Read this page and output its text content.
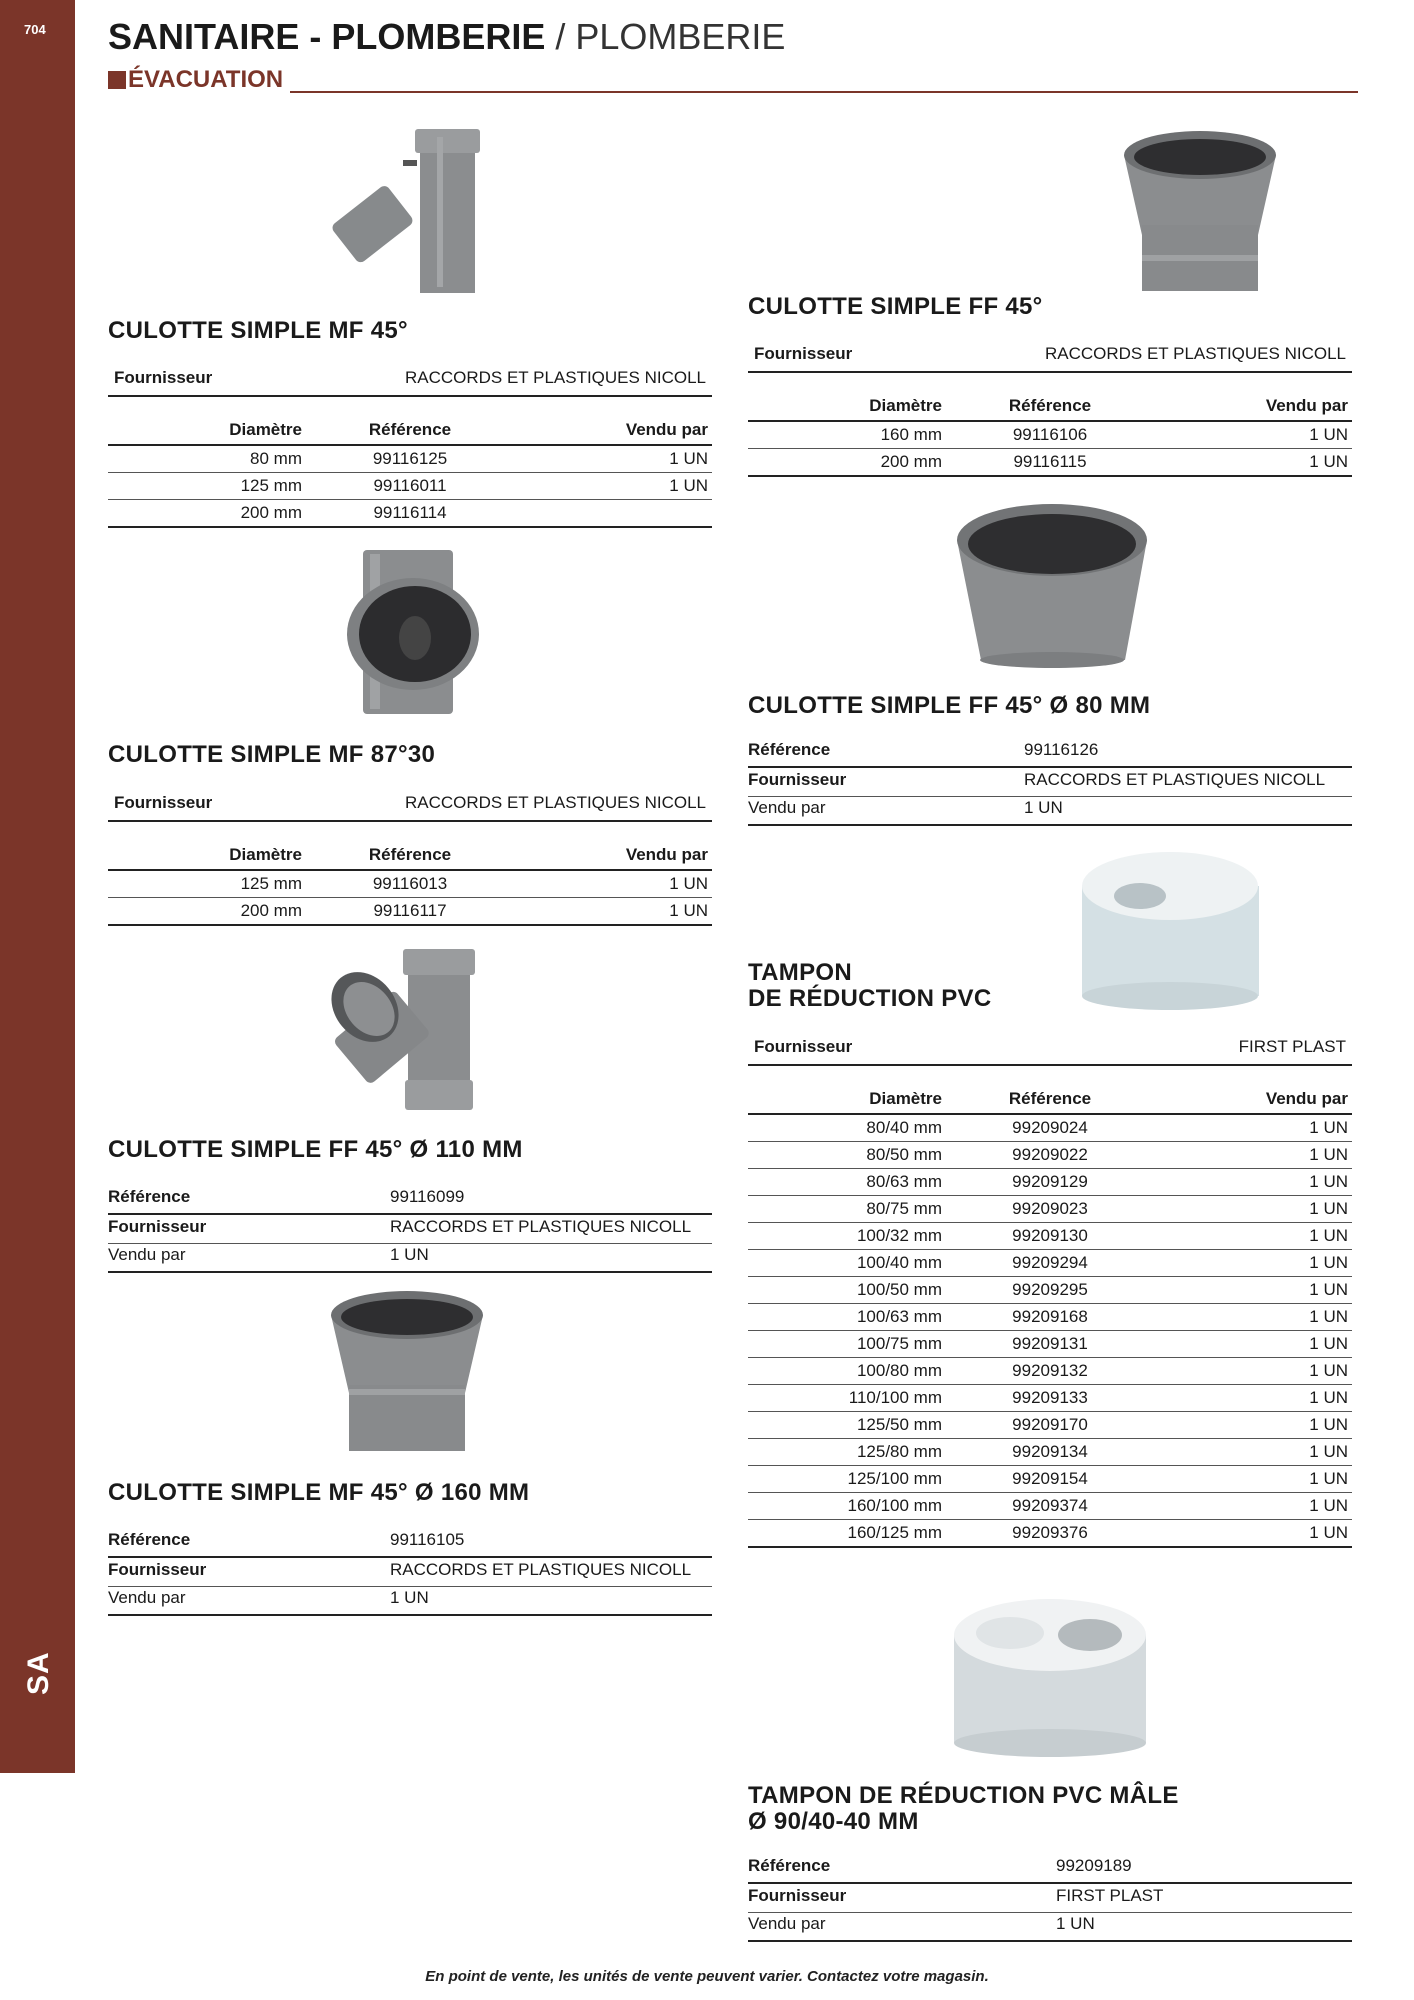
704
SA
SANITAIRE - PLOMBERIE / PLOMBERIE
ÉVACUATION
CULOTTE SIMPLE MF 45°
Fournisseur	RACCORDS ET PLASTIQUES NICOLL
Diamètre	Référence	Vendu par
80 mm	99116125	1 UN
125 mm	99116011	1 UN
200 mm	99116114	
CULOTTE SIMPLE MF 87°30
Fournisseur	RACCORDS ET PLASTIQUES NICOLL
Diamètre	Référence	Vendu par
125 mm	99116013	1 UN
200 mm	99116117	1 UN
CULOTTE SIMPLE FF 45° Ø 110 MM
Référence	99116099
Fournisseur	RACCORDS ET PLASTIQUES NICOLL
Vendu par	1 UN
CULOTTE SIMPLE MF 45° Ø 160 MM
Référence	99116105
Fournisseur	RACCORDS ET PLASTIQUES NICOLL
Vendu par	1 UN
CULOTTE SIMPLE FF 45°
Fournisseur	RACCORDS ET PLASTIQUES NICOLL
Diamètre	Référence	Vendu par
160 mm	99116106	1 UN
200 mm	99116115	1 UN
CULOTTE SIMPLE FF 45° Ø 80 MM
Référence	99116126
Fournisseur	RACCORDS ET PLASTIQUES NICOLL
Vendu par	1 UN
TAMPON
DE RÉDUCTION PVC
Fournisseur	FIRST PLAST
Diamètre	Référence	Vendu par
80/40 mm	99209024	1 UN
80/50 mm	99209022	1 UN
80/63 mm	99209129	1 UN
80/75 mm	99209023	1 UN
100/32 mm	99209130	1 UN
100/40 mm	99209294	1 UN
100/50 mm	99209295	1 UN
100/63 mm	99209168	1 UN
100/75 mm	99209131	1 UN
100/80 mm	99209132	1 UN
110/100 mm	99209133	1 UN
125/50 mm	99209170	1 UN
125/80 mm	99209134	1 UN
125/100 mm	99209154	1 UN
160/100 mm	99209374	1 UN
160/125 mm	99209376	1 UN
TAMPON DE RÉDUCTION PVC MÂLE
Ø 90/40-40 MM
Référence	99209189
Fournisseur	FIRST PLAST
Vendu par	1 UN
En point de vente, les unités de vente peuvent varier. Contactez votre magasin.
